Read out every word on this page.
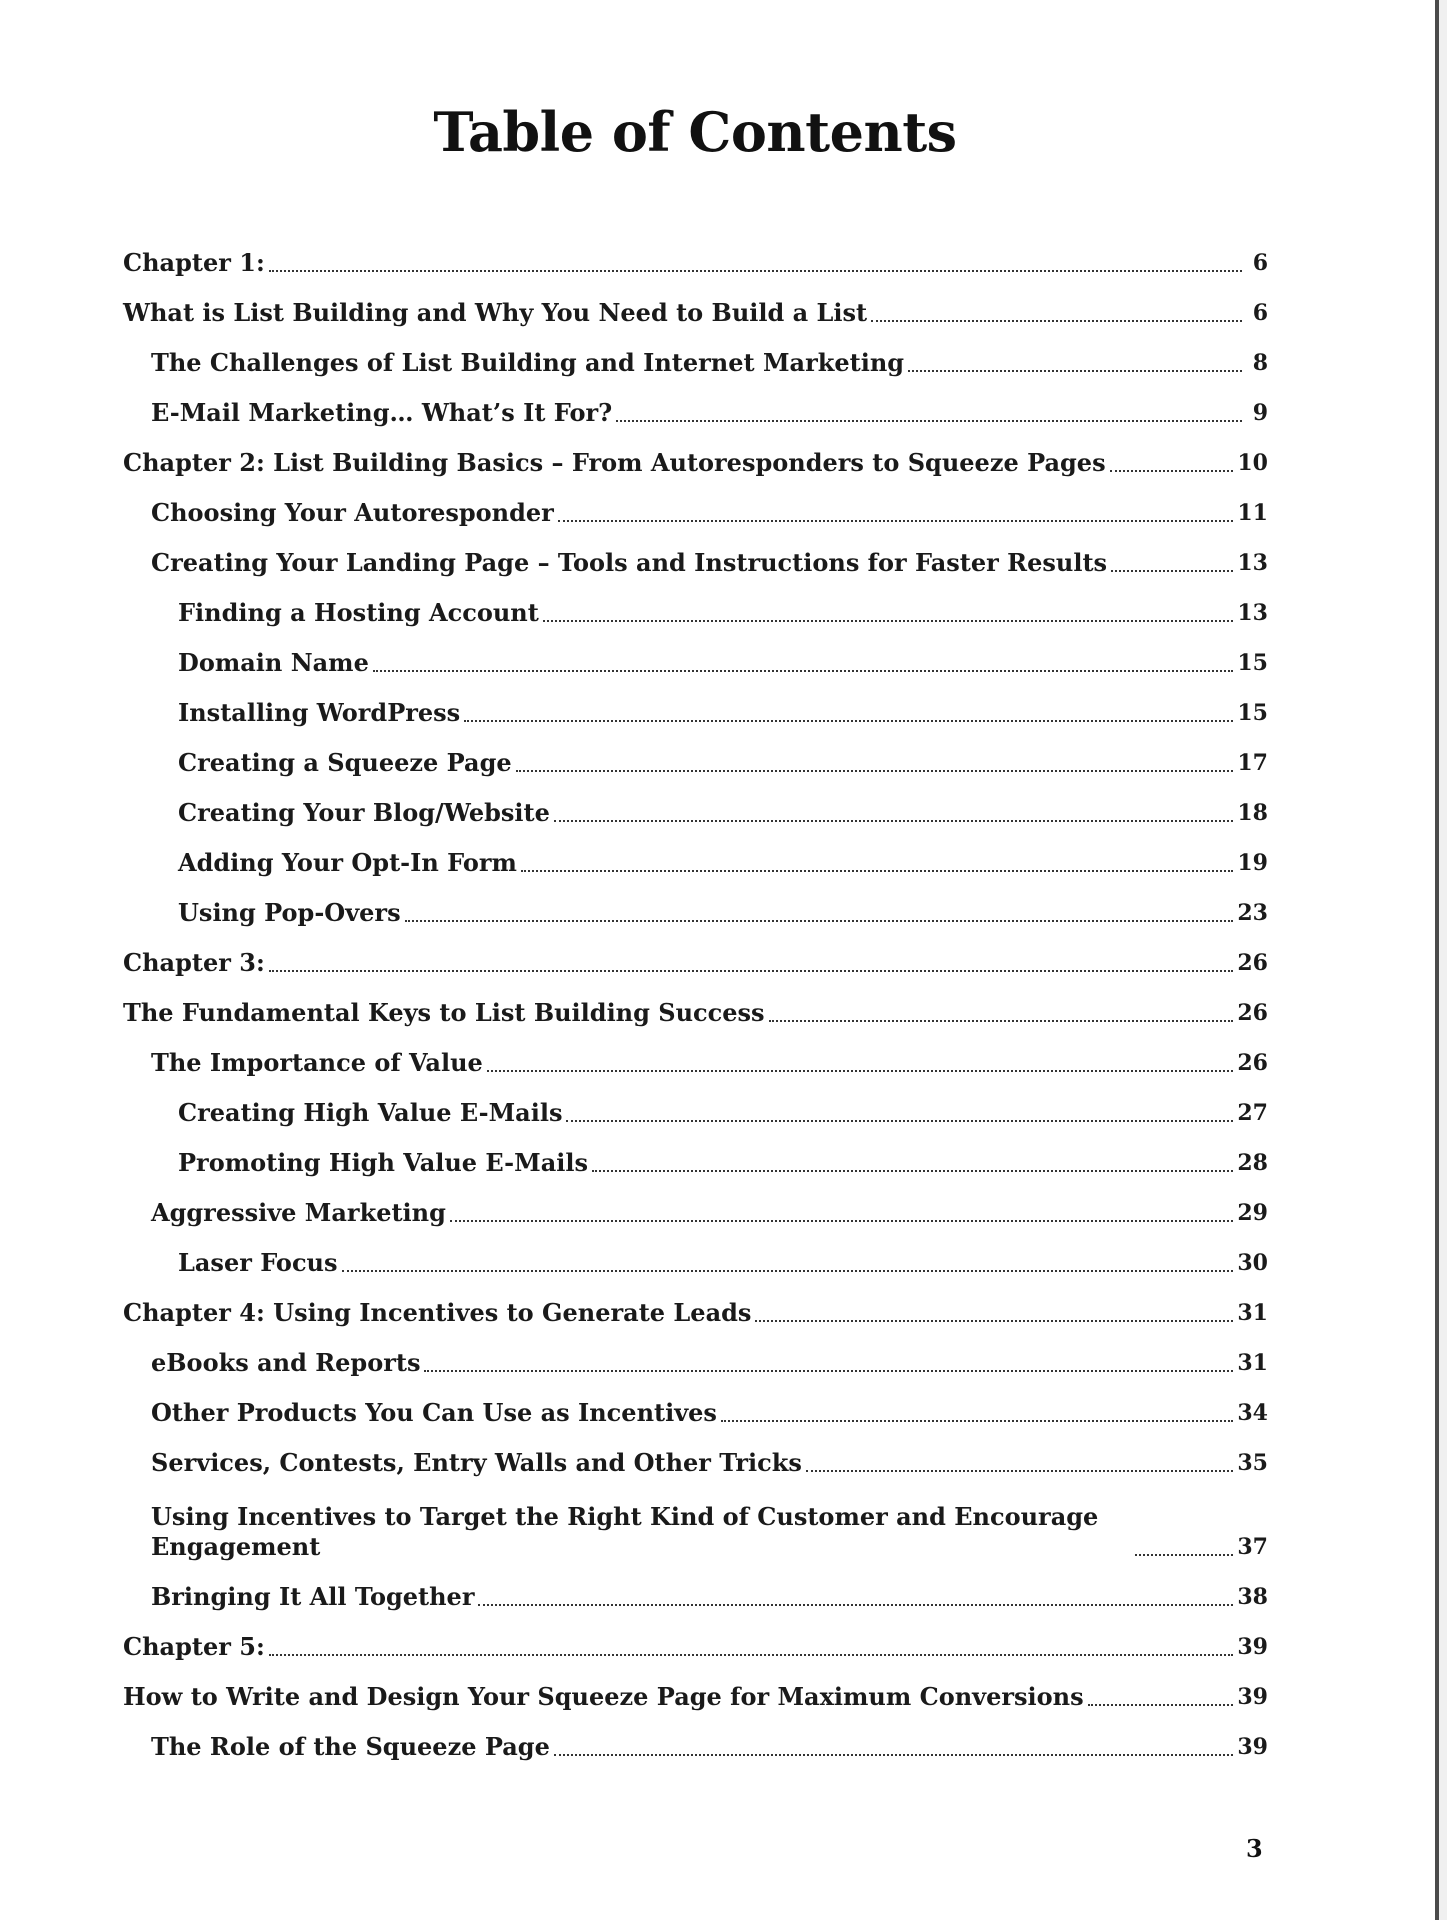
Table of Contents
Chapter 1:	6
What is List Building and Why You Need to Build a List	6
The Challenges of List Building and Internet Marketing	8
E-Mail Marketing… What’s It For?	9
Chapter 2: List Building Basics – From Autoresponders to Squeeze Pages	10
Choosing Your Autoresponder	11
Creating Your Landing Page – Tools and Instructions for Faster Results	13
Finding a Hosting Account	13
Domain Name	15
Installing WordPress	15
Creating a Squeeze Page	17
Creating Your Blog/Website	18
Adding Your Opt-In Form	19
Using Pop-Overs	23
Chapter 3:	26
The Fundamental Keys to List Building Success	26
The Importance of Value	26
Creating High Value E-Mails	27
Promoting High Value E-Mails	28
Aggressive Marketing	29
Laser Focus	30
Chapter 4: Using Incentives to Generate Leads	31
eBooks and Reports	31
Other Products You Can Use as Incentives	34
Services, Contests, Entry Walls and Other Tricks	35
Using Incentives to Target the Right Kind of Customer and Encourage Engagement	37
Bringing It All Together	38
Chapter 5:	39
How to Write and Design Your Squeeze Page for Maximum Conversions	39
The Role of the Squeeze Page	39
3
